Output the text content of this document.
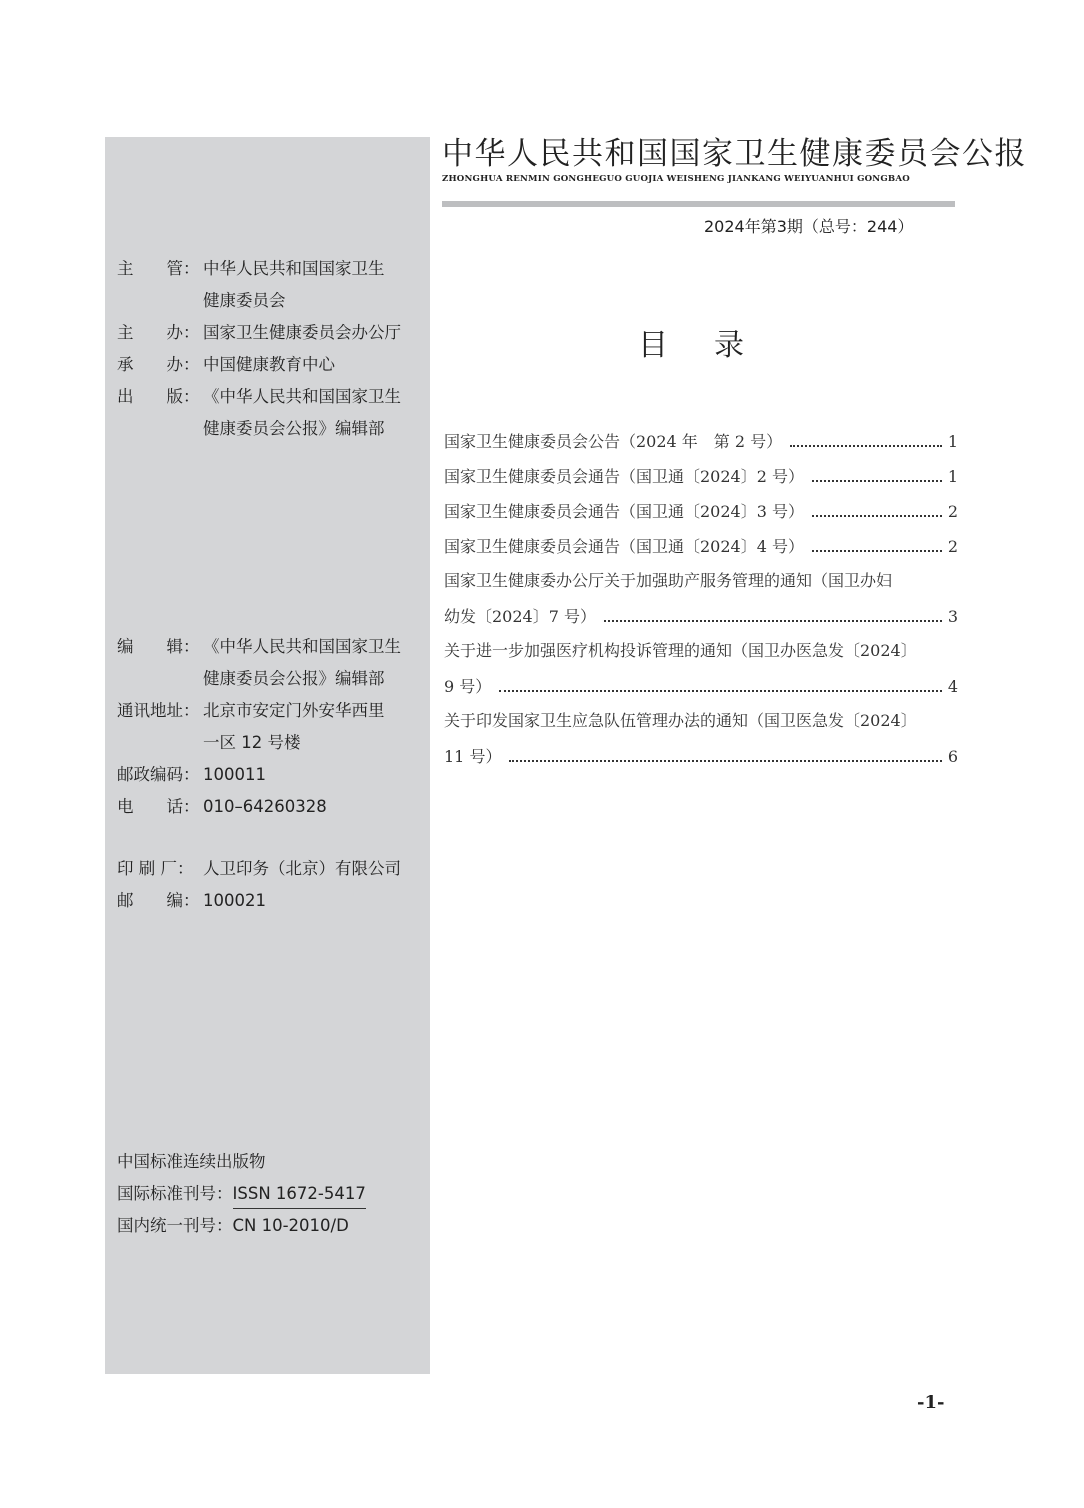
主　　管： 中华人民共和国国家卫生
健康委员会
主　　办： 国家卫生健康委员会办公厅
承　　办： 中国健康教育中心
出　　版： 《中华人民共和国国家卫生
健康委员会公报》编辑部
编　　辑： 《中华人民共和国国家卫生
健康委员会公报》编辑部
通讯地址： 北京市安定门外安华西里
一区 12 号楼
邮政编码： 100011
电　　话： 010–64260328
印 刷 厂： 人卫印务（北京）有限公司
邮　　编： 100021
中国标准连续出版物
国际标准刊号：ISSN 1672-5417
国内统一刊号：CN 10-2010/D
中华人民共和国国家卫生健康委员会公报
ZHONGHUA RENMIN GONGHEGUO GUOJIA WEISHENG JIANKANG WEIYUANHUI GONGBAO
2024年第3期（总号：244）
目录
国家卫生健康委员会公告（2024 年　第 2 号）	1
国家卫生健康委员会通告（国卫通〔2024〕2 号）	1
国家卫生健康委员会通告（国卫通〔2024〕3 号）	2
国家卫生健康委员会通告（国卫通〔2024〕4 号）	2
国家卫生健康委办公厅关于加强助产服务管理的通知（国卫办妇
幼发〔2024〕7 号）	3
关于进一步加强医疗机构投诉管理的通知（国卫办医急发〔2024〕
9 号）	4
关于印发国家卫生应急队伍管理办法的通知（国卫医急发〔2024〕
11 号）	6
-1-
